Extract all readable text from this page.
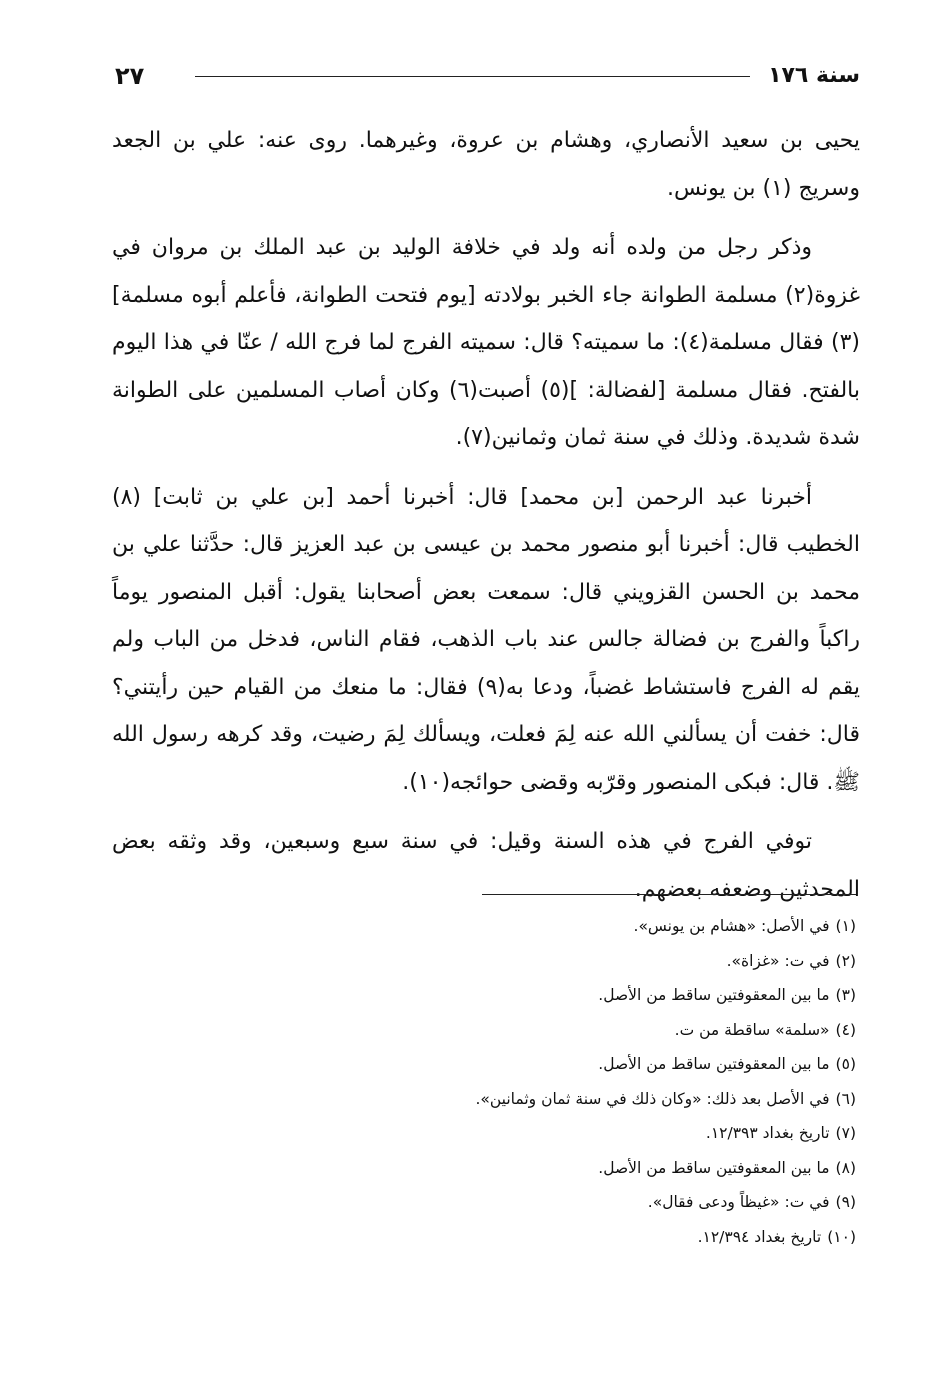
سنة ١٧٦
٢٧

يحيى بن سعيد الأنصاري، وهشام بن عروة، وغيرهما. روى عنه: علي بن الجعد وسريج (١) بن يونس.

وذكر رجل من ولده أنه ولد في خلافة الوليد بن عبد الملك بن مروان في غزوة(٢) مسلمة الطوانة جاء الخبر بولادته [يوم فتحت الطوانة، فأعلم أبوه مسلمة](٣) فقال مسلمة(٤): ما سميته؟ قال: سميته الفرج لما فرج الله / عنّا في هذا اليوم بالفتح. فقال مسلمة [لفضالة: ](٥) أصبت(٦) وكان أصاب المسلمين على الطوانة شدة شديدة. وذلك في سنة ثمان وثمانين(٧).

أخبرنا عبد الرحمن [بن محمد] قال: أخبرنا أحمد [بن علي بن ثابت] (٨) الخطيب قال: أخبرنا أبو منصور محمد بن عيسى بن عبد العزيز قال: حدَّثنا علي بن محمد بن الحسن القزويني قال: سمعت بعض أصحابنا يقول: أقبل المنصور يوماً راكباً والفرج بن فضالة جالس عند باب الذهب، فقام الناس، فدخل من الباب ولم يقم له الفرج فاستشاط غضباً، ودعا به(٩) فقال: ما منعك من القيام حين رأيتني؟ قال: خفت أن يسألني الله عنه لِمَ فعلت، ويسألك لِمَ رضيت، وقد كرهه رسول الله ﷺ. قال: فبكى المنصور وقرّبه وقضى حوائجه(١٠).

توفي الفرج في هذه السنة وقيل: في سنة سبع وسبعين، وقد وثقه بعض المحدثين وضعفه بعضهم.

(١)في الأصل: «هشام بن يونس».
(٢)في ت: «غزاة».
(٣)ما بين المعقوفتين ساقط من الأصل.
(٤)«سلمة» ساقطة من ت.
(٥)ما بين المعقوفتين ساقط من الأصل.
(٦)في الأصل بعد ذلك: «وكان ذلك في سنة ثمان وثمانين».
(٧)تاريخ بغداد ١٢/٣٩٣.
(٨)ما بين المعقوفتين ساقط من الأصل.
(٩)في ت: «غيظاً ودعى فقال».
(١٠)تاريخ بغداد ١٢/٣٩٤.
